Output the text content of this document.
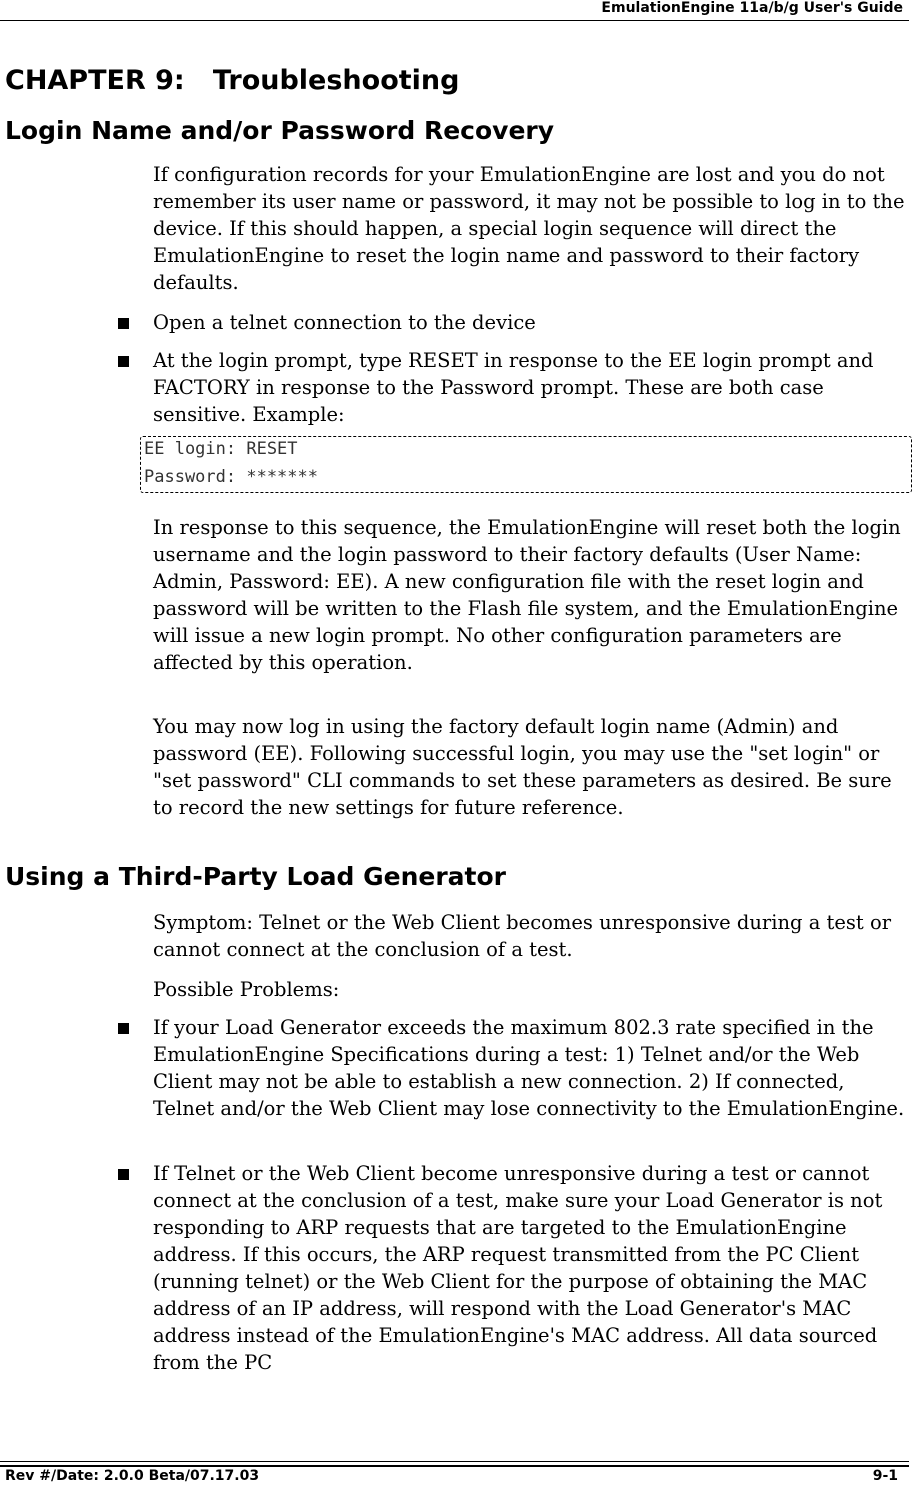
EmulationEngine 11a/b/g User's Guide
CHAPTER 9:   Troubleshooting
Login Name and/or Password Recovery
If configuration records for your EmulationEngine are lost and you do not remember its user name or password, it may not be possible to log in to the device. If this should happen, a special login sequence will direct the EmulationEngine to reset the login name and password to their factory defaults.
Open a telnet connection to the device
At the login prompt, type RESET in response to the EE login prompt and FACTORY in response to the Password prompt. These are both case sensitive. Example:
EE login: RESET
Password: *******
In response to this sequence, the EmulationEngine will reset both the login username and the login password to their factory defaults (User Name: Admin, Password: EE). A new configuration file with the reset login and password will be written to the Flash file system, and the EmulationEngine will issue a new login prompt. No other configuration parameters are affected by this operation.
You may now log in using the factory default login name (Admin) and password (EE). Following successful login, you may use the "set login" or "set password" CLI commands to set these parameters as desired. Be sure to record the new settings for future reference.
Using a Third-Party Load Generator
Symptom: Telnet or the Web Client becomes unresponsive during a test or cannot connect at the conclusion of a test.
Possible Problems:
If your Load Generator exceeds the maximum 802.3 rate specified in the EmulationEngine Specifications during a test: 1) Telnet and/or the Web Client may not be able to establish a new connection. 2) If connected, Telnet and/or the Web Client may lose connectivity to the EmulationEngine.
If Telnet or the Web Client become unresponsive during a test or cannot connect at the conclusion of a test, make sure your Load Generator is not responding to ARP requests that are targeted to the EmulationEngine address. If this occurs, the ARP request transmitted from the PC Client (running telnet) or the Web Client for the purpose of obtaining the MAC address of an IP address, will respond with the Load Generator's MAC address instead of the EmulationEngine's MAC address. All data sourced from the PC
Rev #/Date: 2.0.0 Beta/07.17.03	9-1
